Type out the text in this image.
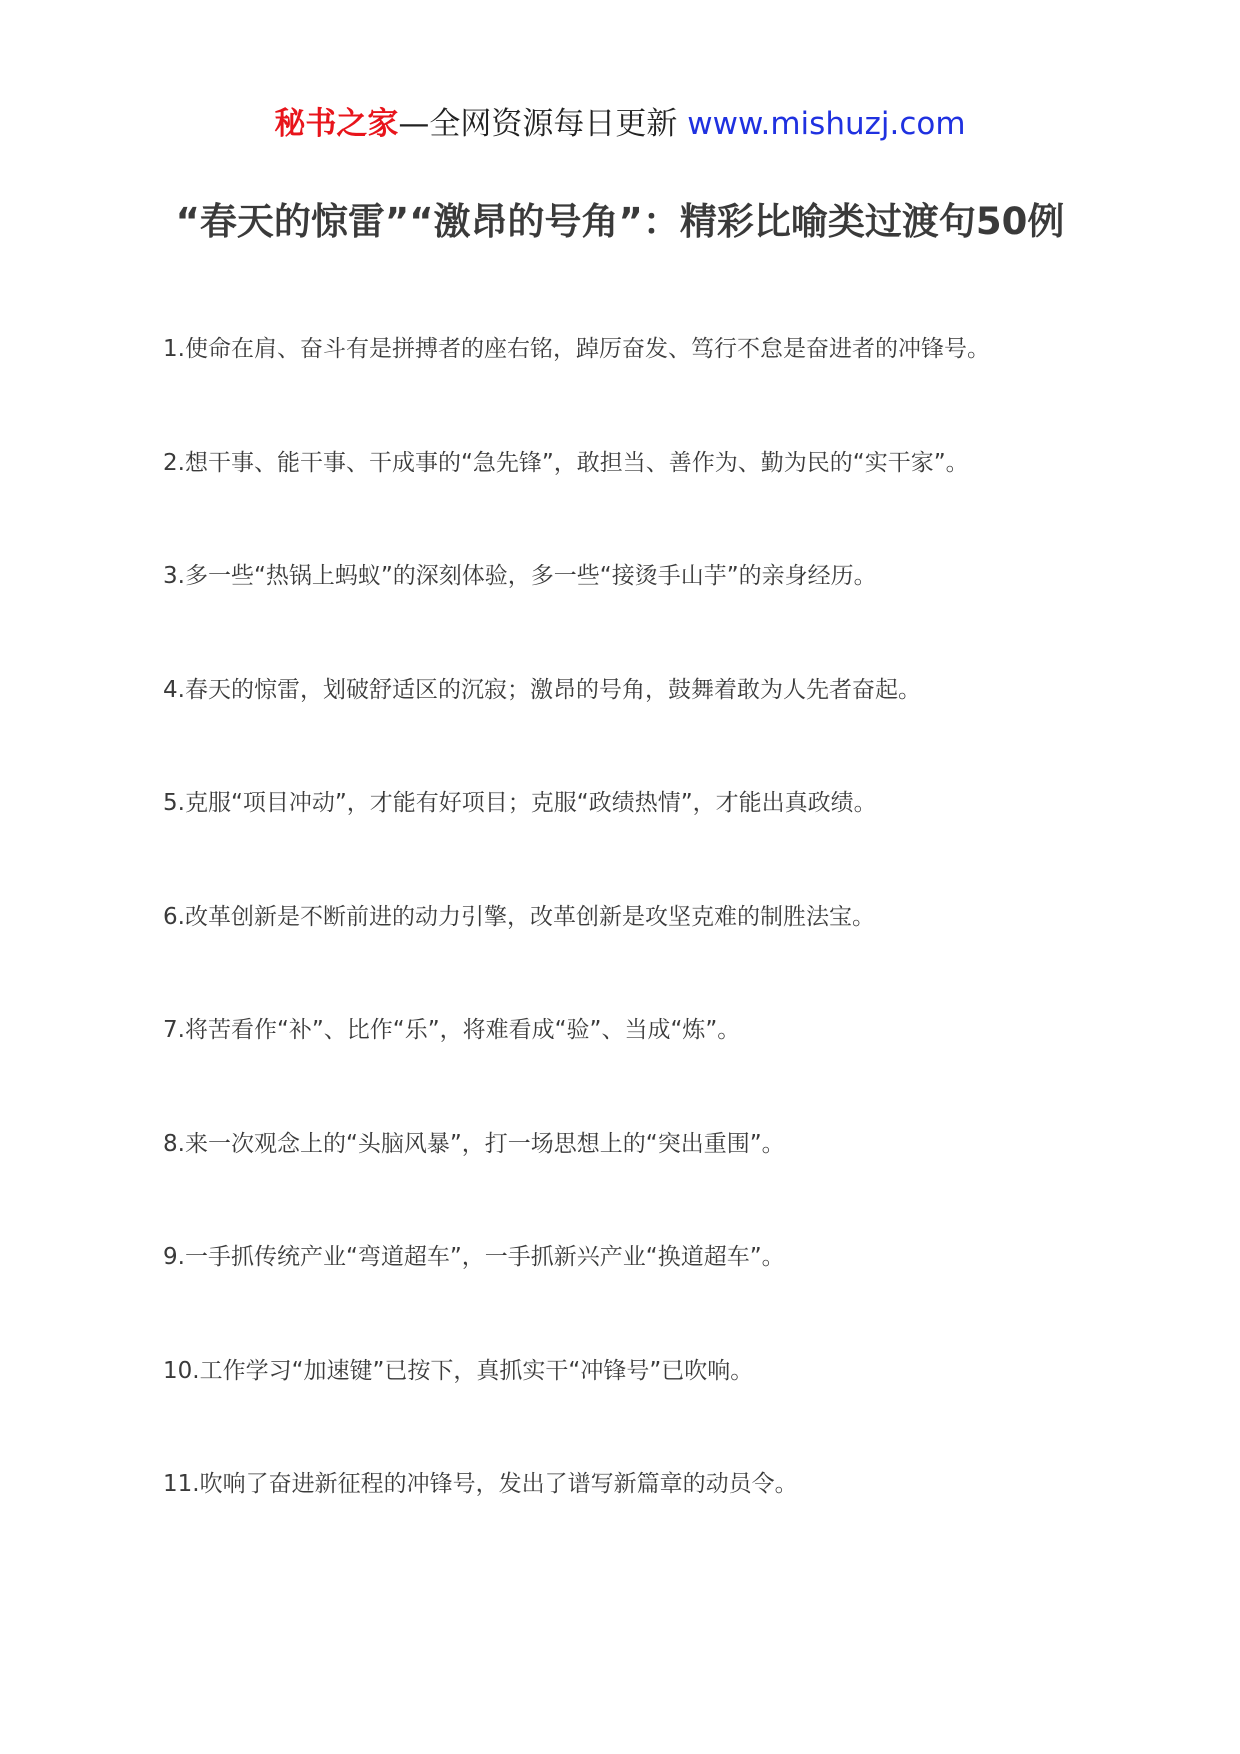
秘书之家—全网资源每日更新 www.mishuzj.com
“春天的惊雷”“激昂的号角”：精彩比喻类过渡句50例
1.使命在肩、奋斗有是拼搏者的座右铭，踔厉奋发、笃行不怠是奋进者的冲锋号。
2.想干事、能干事、干成事的“急先锋”，敢担当、善作为、勤为民的“实干家”。
3.多一些“热锅上蚂蚁”的深刻体验，多一些“接烫手山芋”的亲身经历。
4.春天的惊雷，划破舒适区的沉寂；激昂的号角，鼓舞着敢为人先者奋起。
5.克服“项目冲动”，才能有好项目；克服“政绩热情”，才能出真政绩。
6.改革创新是不断前进的动力引擎，改革创新是攻坚克难的制胜法宝。
7.将苦看作“补”、比作“乐”，将难看成“验”、当成“炼”。
8.来一次观念上的“头脑风暴”，打一场思想上的“突出重围”。
9.一手抓传统产业“弯道超车”，一手抓新兴产业“换道超车”。
10.工作学习“加速键”已按下，真抓实干“冲锋号”已吹响。
11.吹响了奋进新征程的冲锋号，发出了谱写新篇章的动员令。
